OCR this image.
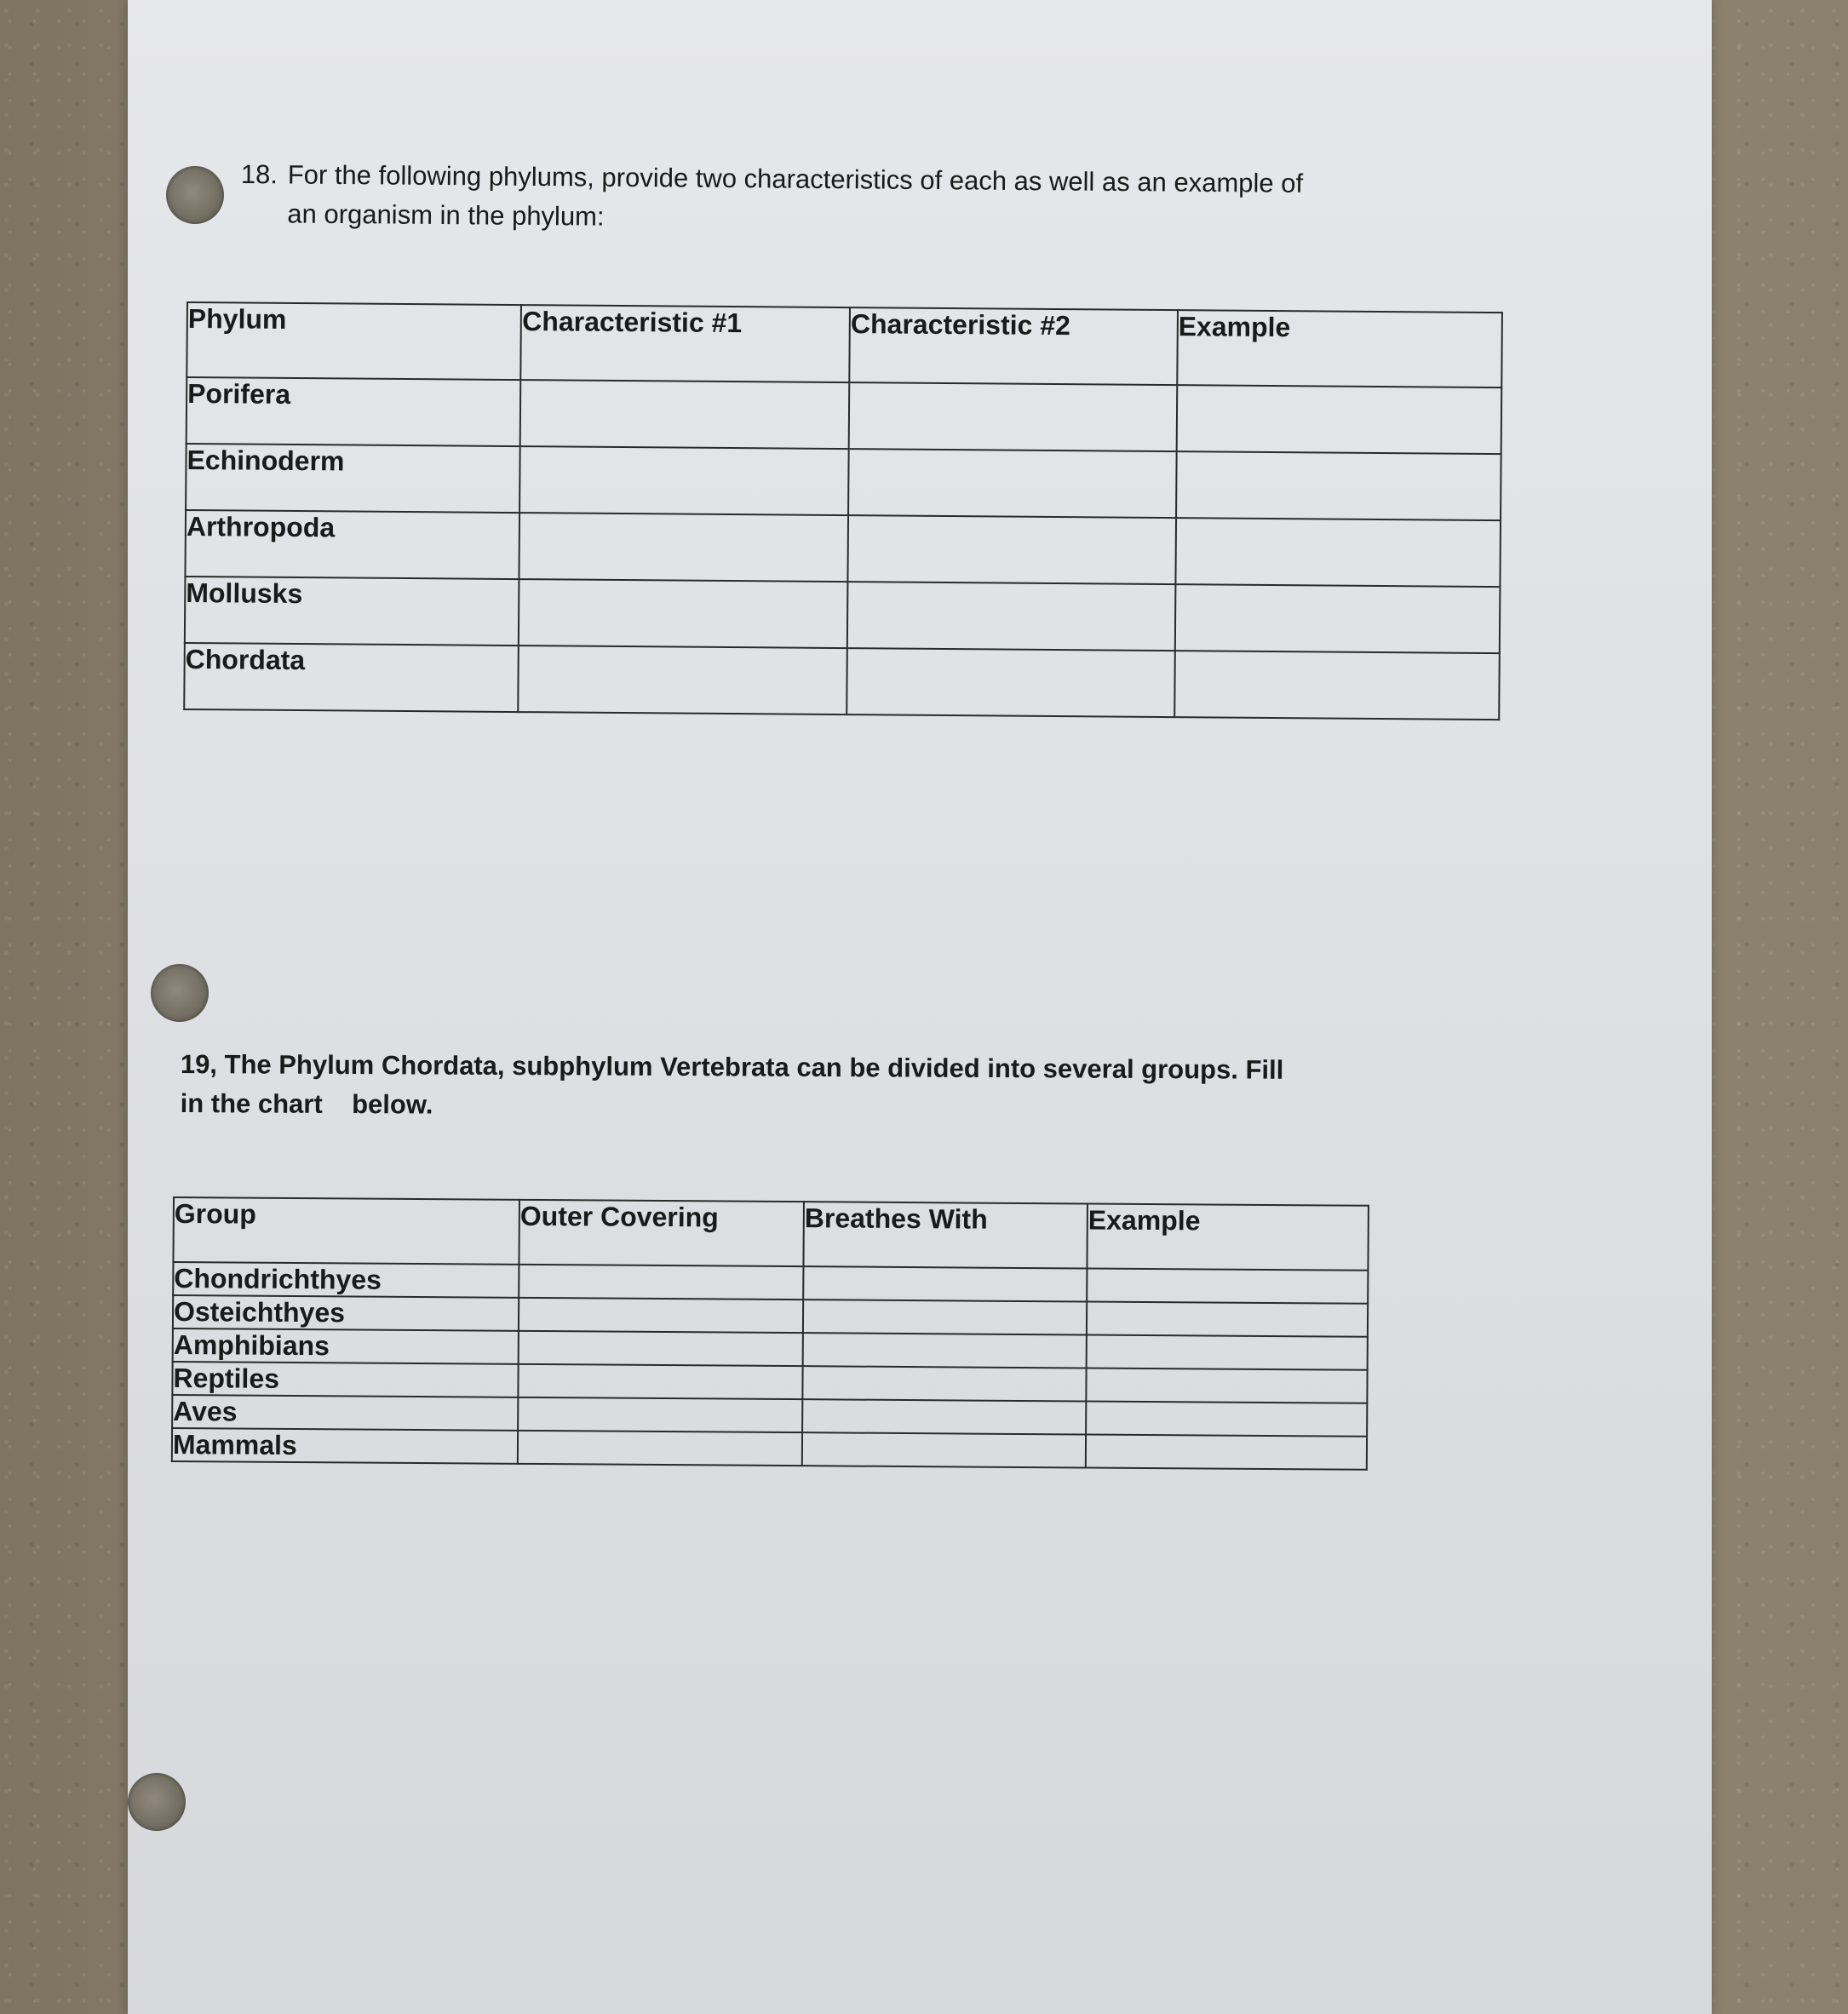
18. For the following phylums, provide two characteristics of each as well as an example of
an organism in the phylum:
Phylum	Characteristic #1	Characteristic #2	Example
Porifera			
Echinoderm			
Arthropoda			
Mollusks			
Chordata			
19, The Phylum Chordata, subphylum Vertebrata can be divided into several groups. Fill
in the chart    below.
Group	Outer Covering	Breathes With	Example
Chondrichthyes			
Osteichthyes			
Amphibians			
Reptiles			
Aves			
Mammals			
